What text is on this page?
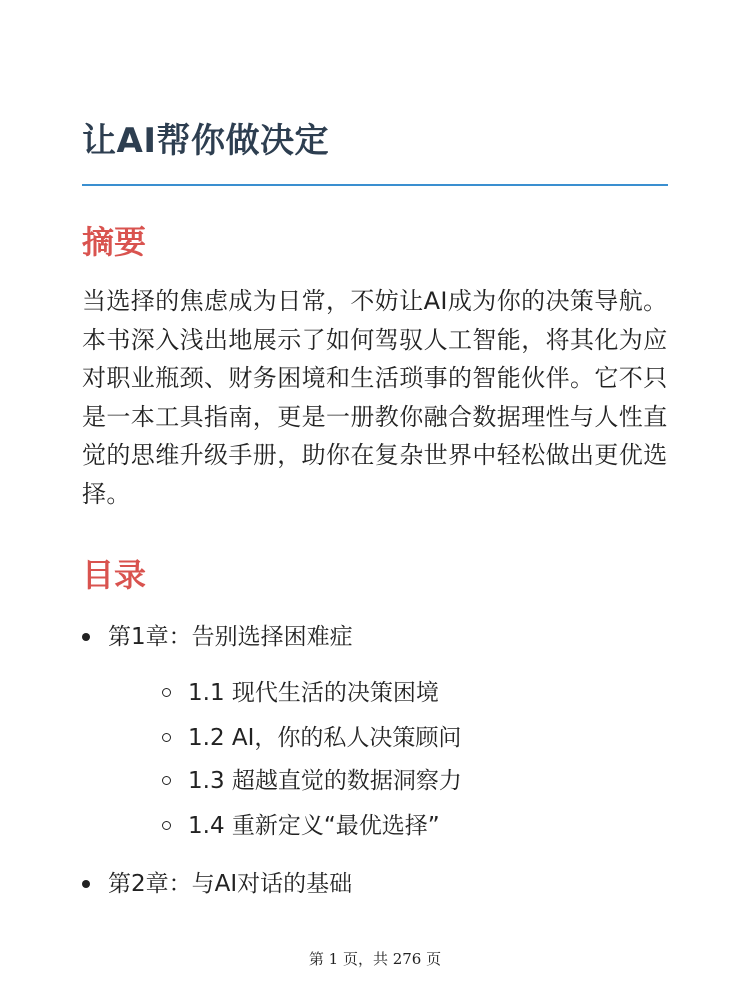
让AI帮你做决定
摘要

当选择的焦虑成为日常，不妨让AI成为你的决策导航。本书深入浅出地展示了如何驾驭人工智能，将其化为应对职业瓶颈、财务困境和生活琐事的智能伙伴。它不只是一本工具指南，更是一册教你融合数据理性与人性直觉的思维升级手册，助你在复杂世界中轻松做出更优选择。

目录
第1章：告别选择困难症
1.1 现代生活的决策困境
1.2 AI，你的私人决策顾问
1.3 超越直觉的数据洞察力
1.4 重新定义“最优选择”
第2章：与AI对话的基础
第 1 页，共 276 页
